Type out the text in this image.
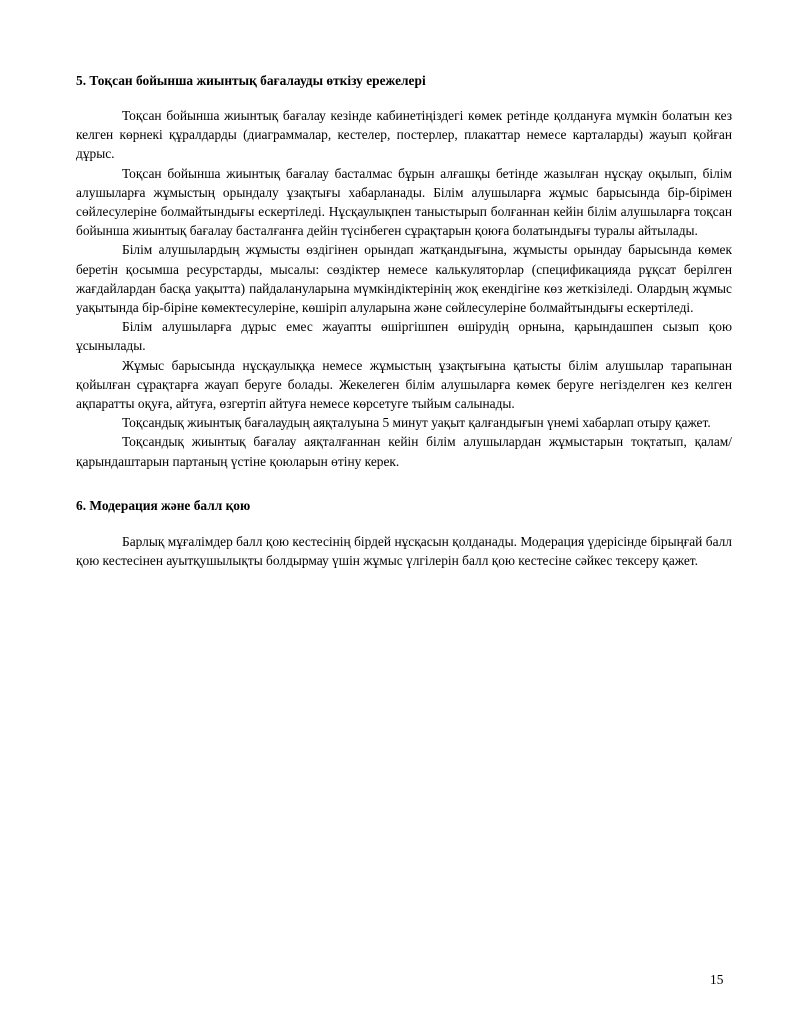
5. Тоқсан бойынша жиынтық бағалауды өткізу ережелері

Тоқсан бойынша жиынтық бағалау кезінде кабинетіңіздегі көмек ретінде қолдануға мүмкін болатын кез келген көрнекі құралдарды (диаграммалар, кестелер, постерлер, плакаттар немесе карталарды) жауып қойған дұрыс.

Тоқсан бойынша жиынтық бағалау басталмас бұрын алғашқы бетінде жазылған нұсқау оқылып, білім алушыларға жұмыстың орындалу ұзақтығы хабарланады. Білім алушыларға жұмыс барысында бір-бірімен сөйлесулеріне болмайтындығы ескертіледі. Нұсқаулықпен таныстырып болғаннан кейін білім алушыларға тоқсан бойынша жиынтық бағалау басталғанға дейін түсінбеген сұрақтарын қоюға болатындығы туралы айтылады.

Білім алушылардың жұмысты өздігінен орындап жатқандығына, жұмысты орындау барысында көмек беретін қосымша ресурстарды, мысалы: сөздіктер немесе калькуляторлар (спецификацияда рұқсат берілген жағдайлардан басқа уақытта) пайдалануларына мүмкіндіктерінің жоқ екендігіне көз жеткізіледі. Олардың жұмыс уақытында бір-біріне көмектесулеріне, көшіріп алуларына және сөйлесулеріне болмайтындығы ескертіледі.

Білім алушыларға дұрыс емес жауапты өшіргішпен өшірудің орнына, қарындашпен сызып қою ұсынылады.

Жұмыс барысында нұсқаулыққа немесе жұмыстың ұзақтығына қатысты білім алушылар тарапынан қойылған сұрақтарға жауап беруге болады. Жекелеген білім алушыларға көмек беруге негізделген кез келген ақпаратты оқуға, айтуға, өзгертіп айтуға немесе көрсетуге тыйым салынады.

Тоқсандық жиынтық бағалаудың аяқталуына 5 минут уақыт қалғандығын үнемі хабарлап отыру қажет.

Тоқсандық жиынтық бағалау аяқталғаннан кейін білім алушылардан жұмыстарын тоқтатып, қалам/қарындаштарын партаның үстіне қоюларын өтіну керек.

6. Модерация және балл қою

Барлық мұғалімдер балл қою кестесінің бірдей нұсқасын қолданады. Модерация үдерісінде бірыңғай балл қою кестесінен ауытқушылықты болдырмау үшін жұмыс үлгілерін балл қою кестесіне сәйкес тексеру қажет.

15
